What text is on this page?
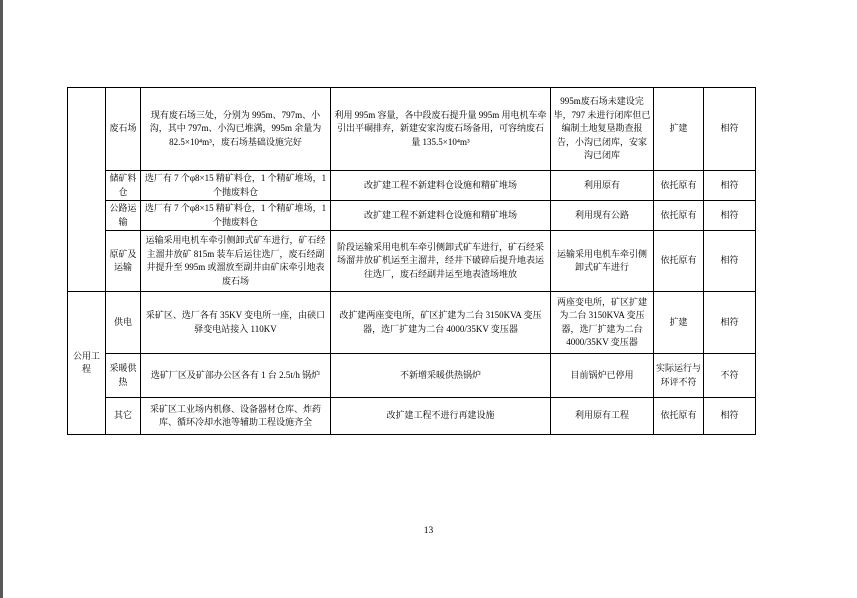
	废石场	现有废石场三处，分别为 995m、797m、小沟，其中 797m、小沟已堆满，995m 余量为 82.5×10⁴m³，废石场基础设施完好	利用 995m 容量，各中段废石提升量 995m 用电机车牵引出平硐排弃，新建安家沟废石场备用，可容纳废石量 135.5×10⁴m³	995m废石场未建设完毕，797 未进行闭库但已编制土地复垦勘查报告，小沟已闭库，安家沟已闭库	扩建	相符
	储矿料仓	选厂有 7 个φ8×15 精矿料仓，1 个精矿堆场，1 个抛废料仓	改扩建工程不新建料仓设施和精矿堆场	利用原有	依托原有	相符
	公路运输	选厂有 7 个φ8×15 精矿料仓，1 个精矿堆场，1 个抛废料仓	改扩建工程不新建料仓设施和精矿堆场	利用现有公路	依托原有	相符
	原矿及运输	运输采用电机车牵引侧卸式矿车进行，矿石经主溜井放矿 815m 装车后运往选厂，废石经副井提升至 995m 或溜放至副井由矿床牵引地表废石场	阶段运输采用电机车牵引侧卸式矿车进行，矿石经采场溜井放矿机运至主溜井，经井下破碎后提升地表运往选厂，废石经副井运至地表渣场堆放	运输采用电机车牵引侧卸式矿车进行	依托原有	相符
公用工程	供电	采矿区、选厂各有 35KV 变电所一座，由硖口驿变电站接入 110KV	改扩建两座变电所，矿区扩建为二台 3150KVA 变压器，选厂扩建为二台 4000/35KV 变压器	两座变电所，矿区扩建为二台 3150KVA 变压器，选厂扩建为二台 4000/35KV 变压器	扩建	相符
	采暖供热	选矿厂区及矿部办公区各有 1 台 2.5t/h 锅炉	不新增采暖供热锅炉	目前锅炉已停用	实际运行与环评不符	不符
	其它	采矿区工业场内机修、设备器材仓库、炸药库、循环冷却水池等辅助工程设施齐全	改扩建工程不进行再建设施	利用原有工程	依托原有	相符
13
